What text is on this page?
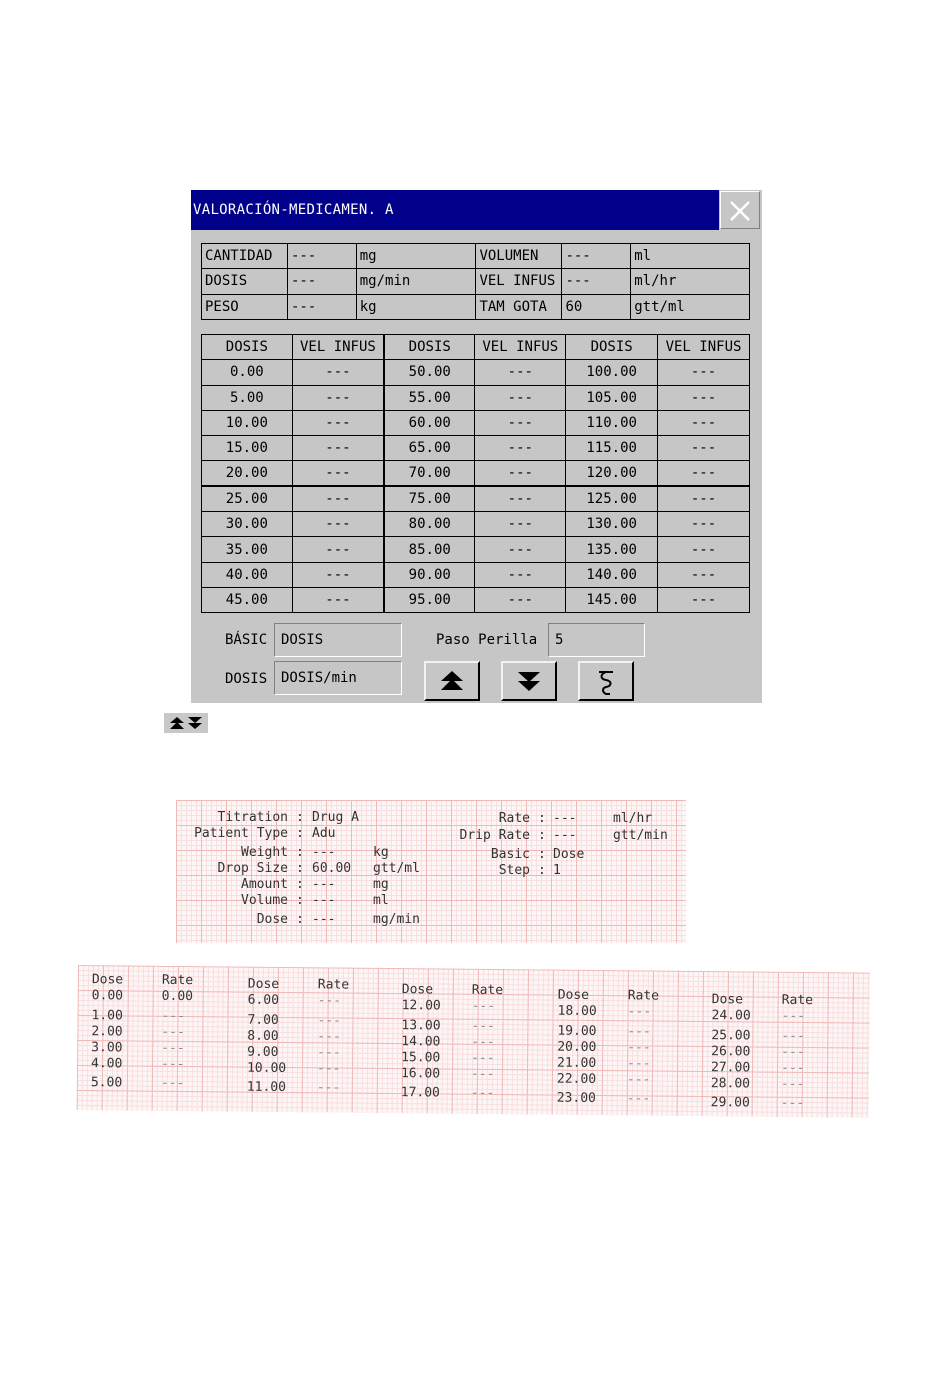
VALORACIÓN-MEDICAMEN. A
CANTIDAD	---	mg	VOLUMEN	---	ml
DOSIS	---	mg/min	VEL INFUS	---	ml/hr
PESO	---	kg	TAM GOTA	60	gtt/ml
DOSIS	VEL INFUS	DOSIS	VEL INFUS	DOSIS	VEL INFUS
0.00	---	50.00	---	100.00	---
5.00	---	55.00	---	105.00	---
10.00	---	60.00	---	110.00	---
15.00	---	65.00	---	115.00	---
20.00	---	70.00	---	120.00	---
25.00	---	75.00	---	125.00	---
30.00	---	80.00	---	130.00	---
35.00	---	85.00	---	135.00	---
40.00	---	90.00	---	140.00	---
45.00	---	95.00	---	145.00	---
BÁSIC DOSIS	Paso Perilla	5
DOSIS DOSIS/min
Titration : Drug A
Patient Type : Adu
Weight : ---	kg
Drop Size : 60.00 gtt/ml
Amount : ---	mg
Volume : ---	ml
Dose : ---	mg/min
Rate : ---	ml/hr
Drip Rate : ---	gtt/min
Basic : Dose
Step : 1
Dose	Rate
0.00	0.00
1.00	---
2.00	---
3.00	---
4.00	---
5.00	---
Dose	Rate
6.00	---
7.00	---
8.00	---
9.00	---
10.00 ---
11.00 ---
Dose	Rate
12.00 ---
13.00 ---
14.00 ---
15.00 ---
16.00 ---
17.00 ---
Dose	Rate
18.00 ---
19.00 ---
20.00 ---
21.00 ---
22.00 ---
23.00 ---
Dose	Rate
24.00 ---
25.00 ---
26.00 ---
27.00 ---
28.00 ---
29.00 ---
